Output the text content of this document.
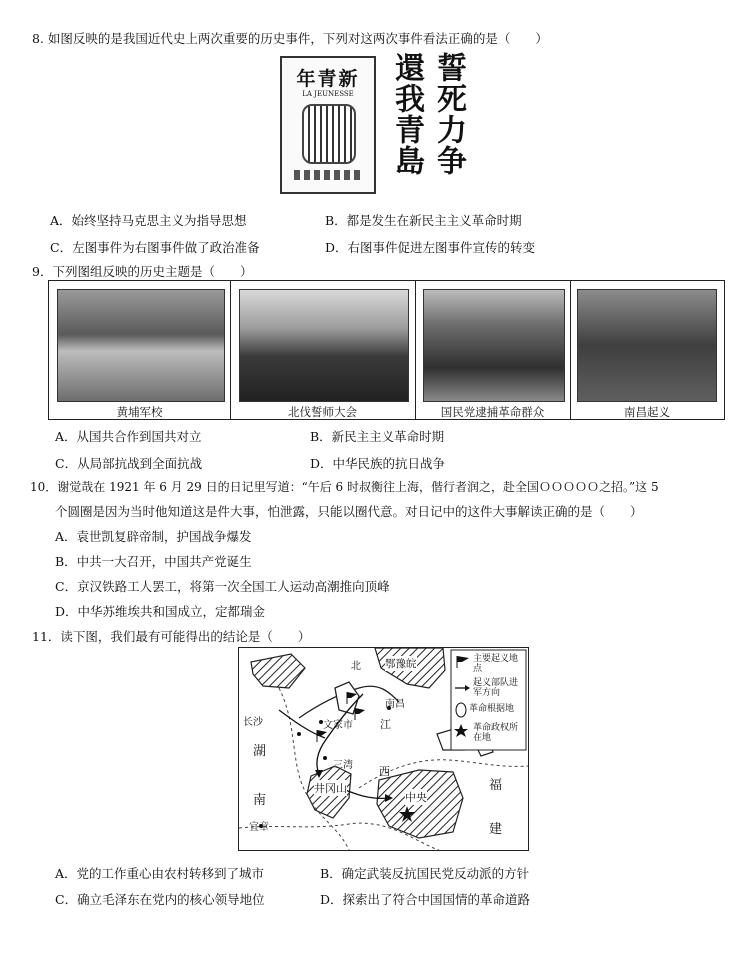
8. 如图反映的是我国近代史上两次重要的历史事件，下列对这两次事件看法正确的是（　　）
年青新
LA JEUNESSE	還我青島 誓死力争
A．始终坚持马克思主义为指导思想	B．都是发生在新民主主义革命时期
C．左图事件为右图事件做了政治准备	D．右图事件促进左图事件宣传的转变
9．下列图组反映的历史主题是（　　）
黄埔军校	北伐誓师大会	国民党逮捕革命群众	南昌起义
A．从国共合作到国共对立	B．新民主主义革命时期
C．从局部抗战到全面抗战	D．中华民族的抗日战争
10．谢觉哉在 1921 年 6 月 29 日的日记里写道：“午后 6 时叔衡往上海，偕行者润之，赴全国ＯＯＯＯＯ之招。”这 5
个圆圈是因为当时他知道这是件大事，怕泄露，只能以圈代意。对日记中的这件大事解读正确的是（　　）
A．袁世凯复辟帝制，护国战争爆发
B．中共一大召开，中国共产党诞生
C．京汉铁路工人罢工，将第一次全国工人运动高潮推向顶峰
D．中华苏维埃共和国成立，定都瑞金
11．读下图，我们最有可能得出的结论是（　　）
北 鄂豫皖
南昌
长沙	文家市 江
湖
三湾
井冈山
西
中央
福
南
建
宜章
主要起义地点
起义部队进军方向
革命根据地
革命政权所在地
A．党的工作重心由农村转移到了城市	B．确定武装反抗国民党反动派的方针
C．确立毛泽东在党内的核心领导地位	D．探索出了符合中国国情的革命道路
